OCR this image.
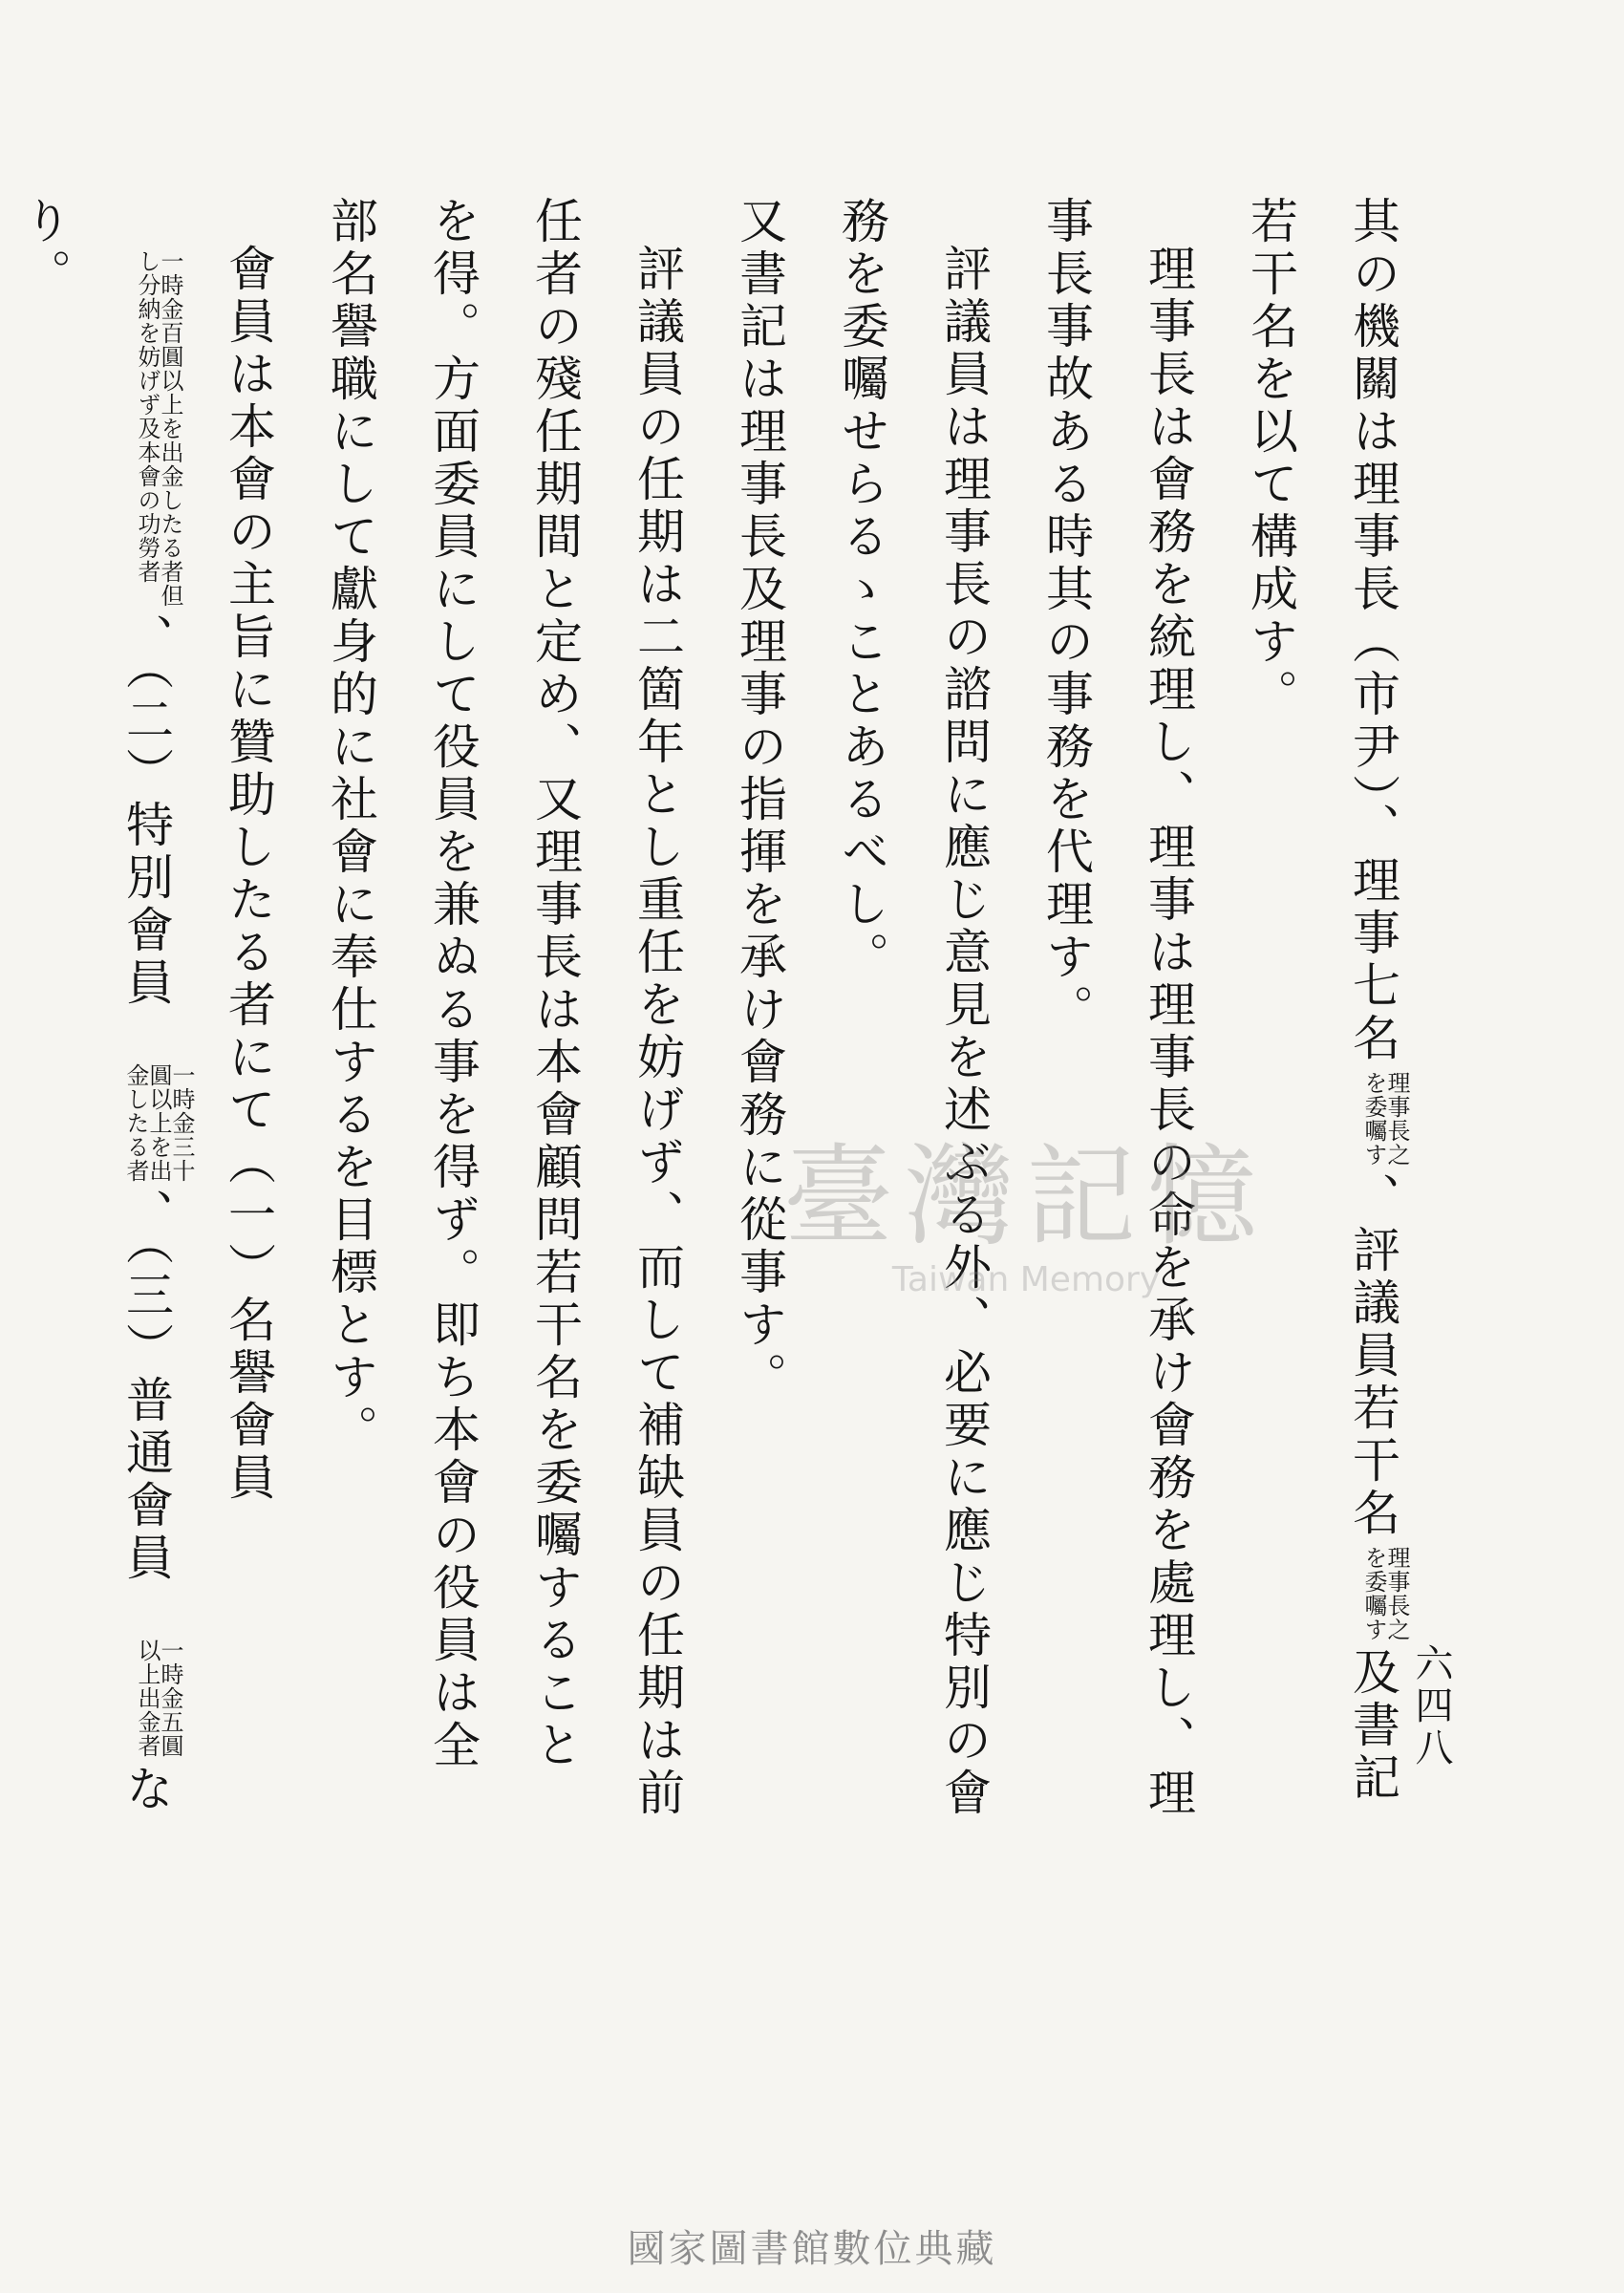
六四八

其の機關は理事長（市尹）、理事七名
理事長之
を委囑す
、評議員若干名
理事長之
を委囑す
及書記若干名を以て構成す。

理事長は會務を統理し、理事は理事長の命を承け會務を處理し、理事長事故ある時其の事務を代理す。

評議員は理事長の諮問に應じ意見を述ぶる外、必要に應じ特別の會務を委囑せらるゝことあるべし。

又書記は理事長及理事の指揮を承け會務に從事す。

評議員の任期は二箇年とし重任を妨げず、而して補缺員の任期は前任者の殘任期間と定め、又理事長は本會顧問若干名を委囑することを得。方面委員にして役員を兼ぬる事を得ず。即ち本會の役員は全部名譽職にして獻身的に社會に奉仕するを目標とす。

會員は本會の主旨に贊助したる者にて（一）名譽會員
一時金百圓以上を出金したる者但
し分納を妨げず及本會の功勞者
、（二）特別會員
一時金三十
圓以上を出
金したる者
、（三）普通會員
一時金五圓
以上出金者
なり。

臺灣記憶
Taiwan Memory
國家圖書館數位典藏
